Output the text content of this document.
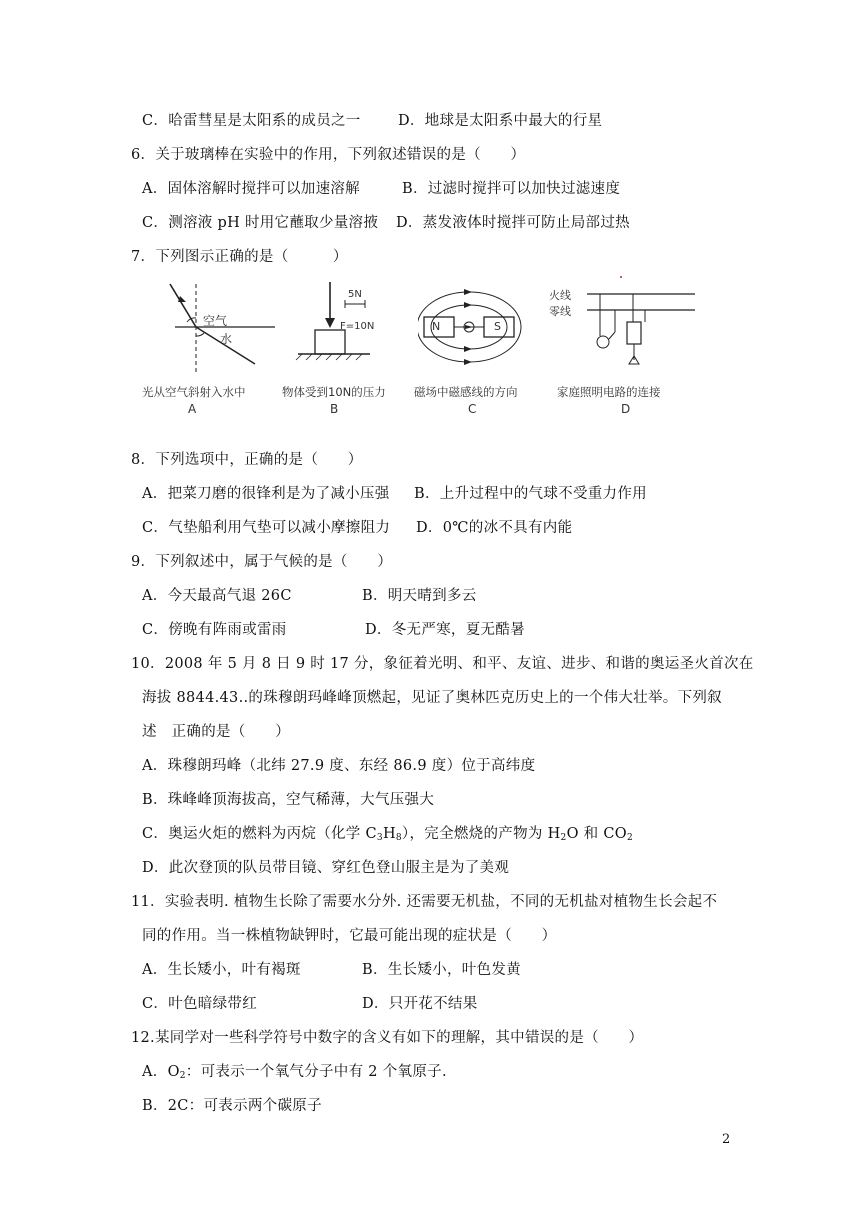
C．哈雷彗星是太阳系的成员之一	D．地球是太阳系中最大的行星
6．关于玻璃棒在实验中的作用，下列叙述错误的是（　　）
A．固体溶解时搅拌可以加速溶解	B．过滤时搅拌可以加快过滤速度
C．测溶液 pH 时用它蘸取少量溶掖 D．蒸发液体时搅拌可防止局部过热
7．下列图示正确的是（　　　）
空气
水
光从空气斜射入水中
A
5N
F=10N
物体受到10N的压力
B
N	S
磁场中磁感线的方向
C
火线
零线
家庭照明电路的连接
D
8．下列选项中，正确的是（　　）
A．把菜刀磨的很锋利是为了减小压强 B．上升过程中的气球不受重力作用
C．气垫船利用气垫可以减小摩擦阻力 D．0℃的冰不具有内能
9．下列叙述中，属于气候的是（　　）
A．今天最高气退 26C	B．明天晴到多云
C．傍晚有阵雨或雷雨	D．冬无严寒，夏无酷暑
10．2008 年 5 月 8 日 9 时 17 分，象征着光明、和平、友谊、进步、和谐的奥运圣火首次在
海拔 8844.43..的珠穆朗玛峰峰顶燃起，见证了奥林匹克历史上的一个伟大壮举。下列叙
述　正确的是（　　）
A．珠穆朗玛峰（北纬 27.9 度、东经 86.9 度）位于高纬度
B．珠峰峰顶海拔高，空气稀薄，大气压强大
C．奥运火炬的燃料为丙烷（化学 $C_3H_8$），完全燃烧的产物为 $H_2O$ 和 $CO_2$
D．此次登顶的队员带目镜、穿红色登山服主是为了美观
11．实验表明. 植物生长除了需要水分外. 还需要无机盐，不同的无机盐对植物生长会起不
同的作用。当一株植物缺钾时，它最可能出现的症状是（　　）
A．生长矮小，叶有褐斑	B．生长矮小，叶色发黄
C．叶色暗绿带红	D．只开花不结果
12.某同学对一些科学符号中数字的含义有如下的理解，其中错误的是（　　）
A．$O_2$：可表示一个氧气分子中有 2 个氧原子.
B．2C：可表示两个碳原子
2
